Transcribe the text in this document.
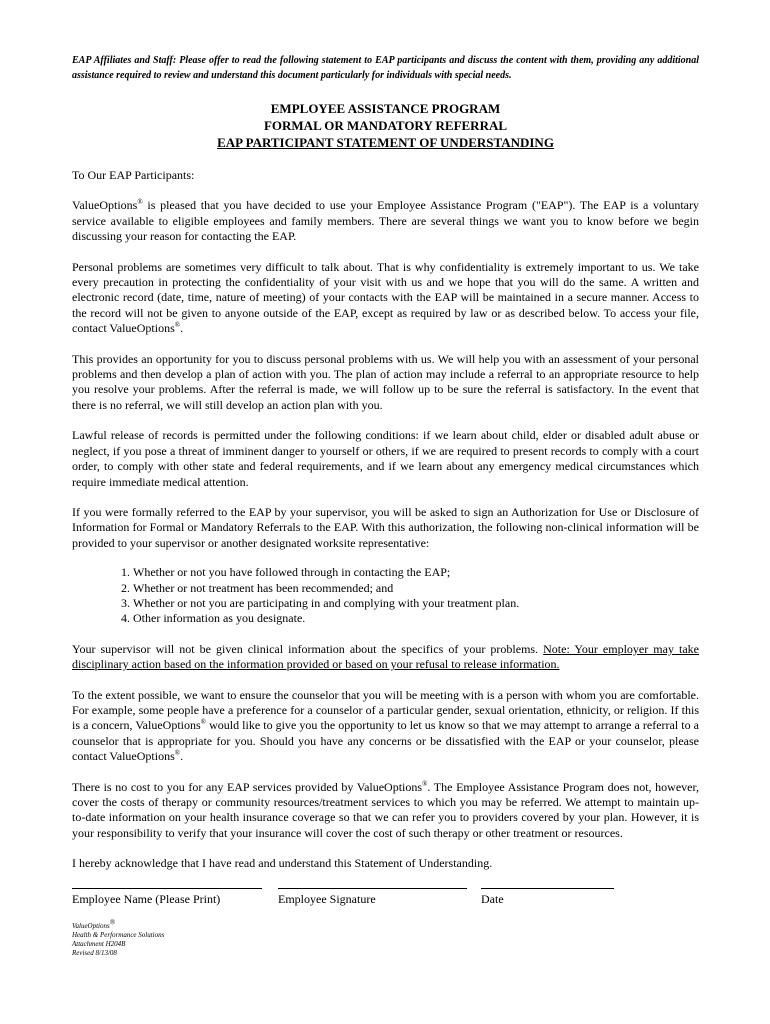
EAP Affiliates and Staff: Please offer to read the following statement to EAP participants and discuss the content with them, providing any additional assistance required to review and understand this document particularly for individuals with special needs.

EMPLOYEE ASSISTANCE PROGRAM
FORMAL OR MANDATORY REFERRAL
EAP PARTICIPANT STATEMENT OF UNDERSTANDING

To Our EAP Participants:

ValueOptions® is pleased that you have decided to use your Employee Assistance Program ("EAP"). The EAP is a voluntary service available to eligible employees and family members. There are several things we want you to know before we begin discussing your reason for contacting the EAP.

Personal problems are sometimes very difficult to talk about. That is why confidentiality is extremely important to us. We take every precaution in protecting the confidentiality of your visit with us and we hope that you will do the same. A written and electronic record (date, time, nature of meeting) of your contacts with the EAP will be maintained in a secure manner. Access to the record will not be given to anyone outside of the EAP, except as required by law or as described below. To access your file, contact ValueOptions®.

This provides an opportunity for you to discuss personal problems with us. We will help you with an assessment of your personal problems and then develop a plan of action with you. The plan of action may include a referral to an appropriate resource to help you resolve your problems. After the referral is made, we will follow up to be sure the referral is satisfactory. In the event that there is no referral, we will still develop an action plan with you.

Lawful release of records is permitted under the following conditions: if we learn about child, elder or disabled adult abuse or neglect, if you pose a threat of imminent danger to yourself or others, if we are required to present records to comply with a court order, to comply with other state and federal requirements, and if we learn about any emergency medical circumstances which require immediate medical attention.

If you were formally referred to the EAP by your supervisor, you will be asked to sign an Authorization for Use or Disclosure of Information for Formal or Mandatory Referrals to the EAP. With this authorization, the following non-clinical information will be provided to your supervisor or another designated worksite representative:

1. Whether or not you have followed through in contacting the EAP;
2. Whether or not treatment has been recommended; and
3. Whether or not you are participating in and complying with your treatment plan.
4. Other information as you designate.

Your supervisor will not be given clinical information about the specifics of your problems. Note: Your employer may take disciplinary action based on the information provided or based on your refusal to release information.

To the extent possible, we want to ensure the counselor that you will be meeting with is a person with whom you are comfortable. For example, some people have a preference for a counselor of a particular gender, sexual orientation, ethnicity, or religion. If this is a concern, ValueOptions® would like to give you the opportunity to let us know so that we may attempt to arrange a referral to a counselor that is appropriate for you. Should you have any concerns or be dissatisfied with the EAP or your counselor, please contact ValueOptions®.

There is no cost to you for any EAP services provided by ValueOptions®. The Employee Assistance Program does not, however, cover the costs of therapy or community resources/treatment services to which you may be referred. We attempt to maintain up-to-date information on your health insurance coverage so that we can refer you to providers covered by your plan. However, it is your responsibility to verify that your insurance will cover the cost of such therapy or other treatment or resources.

I hereby acknowledge that I have read and understand this Statement of Understanding.

Employee Name (Please Print)	Employee Signature	Date
ValueOptions®
Health & Performance Solutions
Attachment H204B
Revised 8/13/08
